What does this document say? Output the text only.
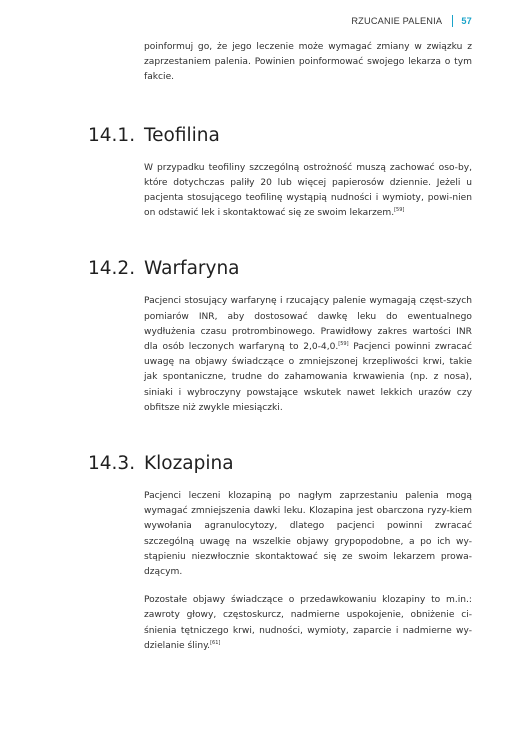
RZUCANIE PALENIA 57

poinformuj go, że jego leczenie może wymagać zmiany w związku z zaprzestaniem palenia. Powinien poinformować swojego lekarza o tym fakcie.

14.1. Teofilina

W przypadku teofiliny szczególną ostrożność muszą zachować oso-by, które dotychczas paliły 20 lub więcej papierosów dziennie. Jeżeli u pacjenta stosującego teofilinę wystąpią nudności i wymioty, powi-nien on odstawić lek i skontaktować się ze swoim lekarzem.[59]

14.2. Warfaryna

Pacjenci stosujący warfarynę i rzucający palenie wymagają częst-szych pomiarów INR, aby dostosować dawkę leku do ewentualnego wydłużenia czasu protrombinowego. Prawidłowy zakres wartości INR dla osób leczonych warfaryną to 2,0-4,0.[59] Pacjenci powinni zwracać uwagę na objawy świadczące o zmniejszonej krzepliwości krwi, takie jak spontaniczne, trudne do zahamowania krwawienia (np. z nosa), siniaki i wybroczyny powstające wskutek nawet lekkich urazów czy obfitsze niż zwykle miesiączki.

14.3. Klozapina

Pacjenci leczeni klozapiną po nagłym zaprzestaniu palenia mogą wymagać zmniejszenia dawki leku. Klozapina jest obarczona ryzy-kiem wywołania agranulocytozy, dlatego pacjenci powinni zwracać szczególną uwagę na wszelkie objawy grypopodobne, a po ich wy-stąpieniu niezwłocznie skontaktować się ze swoim lekarzem prowa-dzącym.

Pozostałe objawy świadczące o przedawkowaniu klozapiny to m.in.: zawroty głowy, częstoskurcz, nadmierne uspokojenie, obniżenie ci-śnienia tętniczego krwi, nudności, wymioty, zaparcie i nadmierne wy-dzielanie śliny.[61]
